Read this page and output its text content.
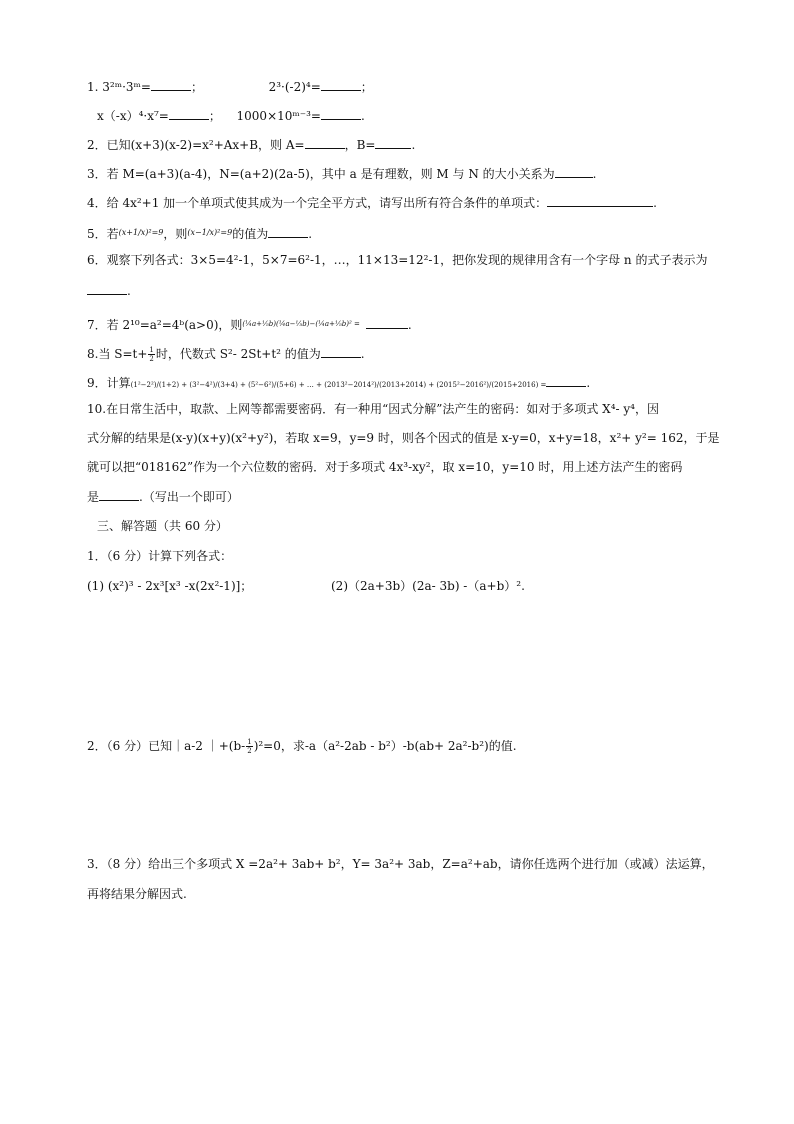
1. 3²ᵐ·3ᵐ=	；	2³·(-2)⁴=	；
x（-x）⁴·x⁷=	； 1000×10ᵐ⁻³=	.
2．已知(x+3)(x-2)=x²+Ax+B，则 A=	，B=	.
3．若 M=(a+3)(a-4)，N=(a+2)(2a-5)，其中 a 是有理数，则 M 与 N 的大小关系为	.
4．给 4x²+1 加一个单项式使其成为一个完全平方式，请写出所有符合条件的单项式：	.
5．若$^{(x+1/x)^2=9}$，则$^{(x-1/x)^2=9}$的值为	.
6．观察下列各式：3×5=4²-1，5×7=6²-1，…，11×13=12²-1，把你发现的规律用含有一个字母 n 的式子表示为
.
7．若 2¹⁰=a²=4ᵇ(a>0)，则$^{(\frac{1}{4}a+\frac{1}{5}b)(\frac{1}{4}a-\frac{1}{5}b)-(\frac{1}{4}a+\frac{1}{5}b)^2 =}$	.
8.当 $S=t+ \frac{1}{2}$ 时，代数式 S²- 2St+t² 的值为	.
9．计算(1²−2²)/(1+2) + (3²−4²)/(3+4) + (5²−6²)/(5+6) + … + (2013²−2014²)/(2013+2014) + (2015²−2016²)/(2015+2016) =	.
10.在日常生活中，取款、上网等都需要密码．有一种用“因式分解”法产生的密码：如对于多项式 X⁴- y⁴，因
式分解的结果是(x-y)(x+y)(x²+y²)，若取 x=9，y=9 时，则各个因式的值是 x-y=0，x+y=18，x²+ y²= 162，于是
就可以把“018162”作为一个六位数的密码．对于多项式 4x³-xy²，取 x=10，y=10 时，用上述方法产生的密码
是	.（写出一个即可）
三、解答题（共 60 分）
1．（6 分）计算下列各式：
(1) (x²)³ - 2x³[x³ -x(2x²-1)]；	(2)（2a+3b）(2a- 3b) -（a+b）².
2．（6 分）已知｜a-2 ｜+(b- $\frac{1}{2} )^2=0$，求-a（a²-2ab - b²）-b(ab+ 2a²-b²)的值.
3．（8 分）给出三个多项式 X =2a²+ 3ab+ b²，Y= 3a²+ 3ab，Z=a²+ab，请你任选两个进行加（或减）法运算，
再将结果分解因式.
